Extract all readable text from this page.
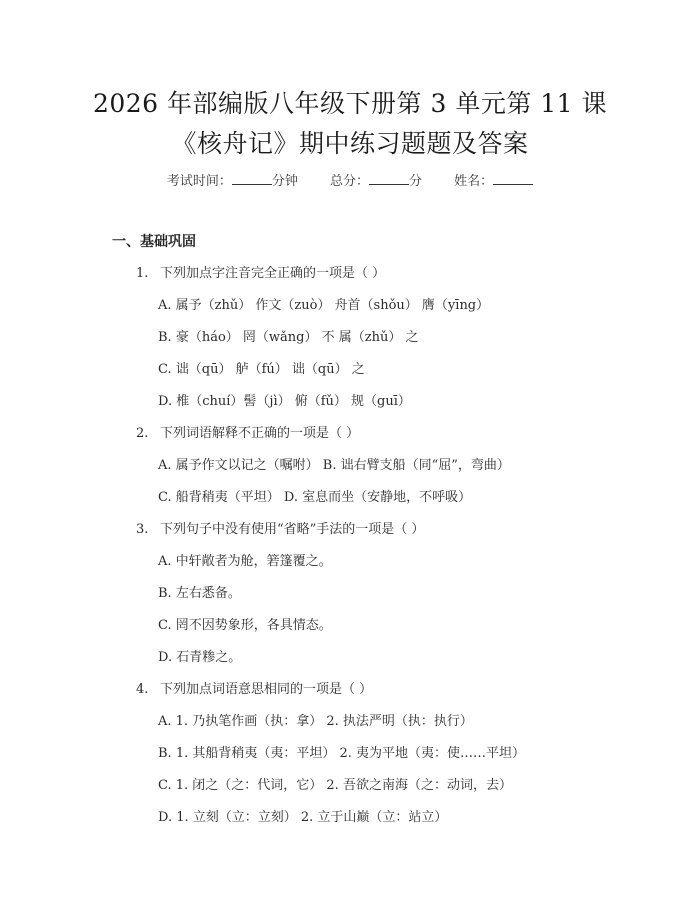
2026 年部编版八年级下册第 3 单元第 11 课
《核舟记》期中练习题题及答案
考试时间：	分钟 总分：	分 姓名：
一、基础巩固
1. 下列加点字注音完全正确的一项是（ ）
A. 属予（zhǔ） 作文（zuò） 舟首（shǒu） 膺（yīng）
B. 豪（háo） 罔（wǎng） 不 属（zhǔ） 之
C. 诎（qū） 舻（fú） 诎（qū） 之
D. 椎（chuí）髻（jì） 俯（fǔ） 规（guī）
2. 下列词语解释不正确的一项是（ ）
A. 属予作文以记之（嘱咐） B. 诎右臂支船（同“屈”，弯曲）
C. 船背稍夷（平坦） D. 室息而坐（安静地，不呼吸）
3. 下列句子中没有使用“省略”手法的一项是（ ）
A. 中轩敞者为舱，箬篷覆之。
B. 左右悉备。
C. 罔不因势象形，各具情态。
D. 石青糁之。
4. 下列加点词语意思相同的一项是（ ）
A. 1. 乃执笔作画（执：拿） 2. 执法严明（执：执行）
B. 1. 其船背稍夷（夷：平坦） 2. 夷为平地（夷：使……平坦）
C. 1. 闭之（之：代词，它） 2. 吾欲之南海（之：动词，去）
D. 1. 立刻（立：立刻） 2. 立于山巅（立：站立）
